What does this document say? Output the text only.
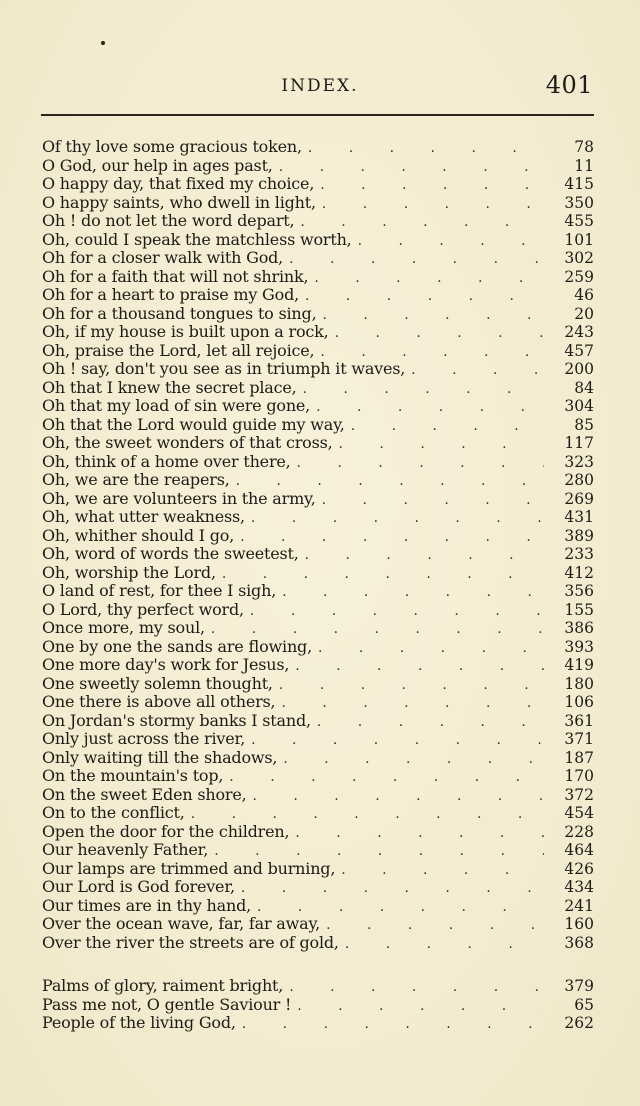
INDEX.	401
Of thy love some gracious token, . . .	78
O God, our help in ages past, . . .	11
O happy day, that fixed my choice, . . .	415
O happy saints, who dwell in light, . . .	350
Oh ! do not let the word depart, . . .	455
Oh, could I speak the matchless worth, . . .	101
Oh for a closer walk with God, . . .	302
Oh for a faith that will not shrink, . . .	259
Oh for a heart to praise my God, . . .	46
Oh for a thousand tongues to sing, . . .	20
Oh, if my house is built upon a rock, . . .	243
Oh, praise the Lord, let all rejoice, . . .	457
Oh ! say, don't you see as in triumph it waves, . . .	200
Oh that I knew the secret place, . . .	84
Oh that my load of sin were gone, . . .	304
Oh that the Lord would guide my way, . . .	85
Oh, the sweet wonders of that cross, . . .	117
Oh, think of a home over there, . . .	323
Oh, we are the reapers, . . .	280
Oh, we are volunteers in the army, . . .	269
Oh, what utter weakness, . . .	431
Oh, whither should I go, . . .	389
Oh, word of words the sweetest, . . .	233
Oh, worship the Lord, . . .	412
O land of rest, for thee I sigh, . . .	356
O Lord, thy perfect word, . . .	155
Once more, my soul, . . .	386
One by one the sands are flowing, . . .	393
One more day's work for Jesus, . . .	419
One sweetly solemn thought, . . .	180
One there is above all others, . . .	106
On Jordan's stormy banks I stand, . . .	361
Only just across the river, . . .	371
Only waiting till the shadows, . . .	187
On the mountain's top, . . .	170
On the sweet Eden shore, . . .	372
On to the conflict, . . .	454
Open the door for the children, . . .	228
Our heavenly Father, . . .	464
Our lamps are trimmed and burning, . . .	426
Our Lord is God forever, . . .	434
Our times are in thy hand, . . .	241
Over the ocean wave, far, far away, . . .	160
Over the river the streets are of gold, . . .	368
Palms of glory, raiment bright, . . .	379
Pass me not, O gentle Saviour ! . . .	65
People of the living God, . . .	262
